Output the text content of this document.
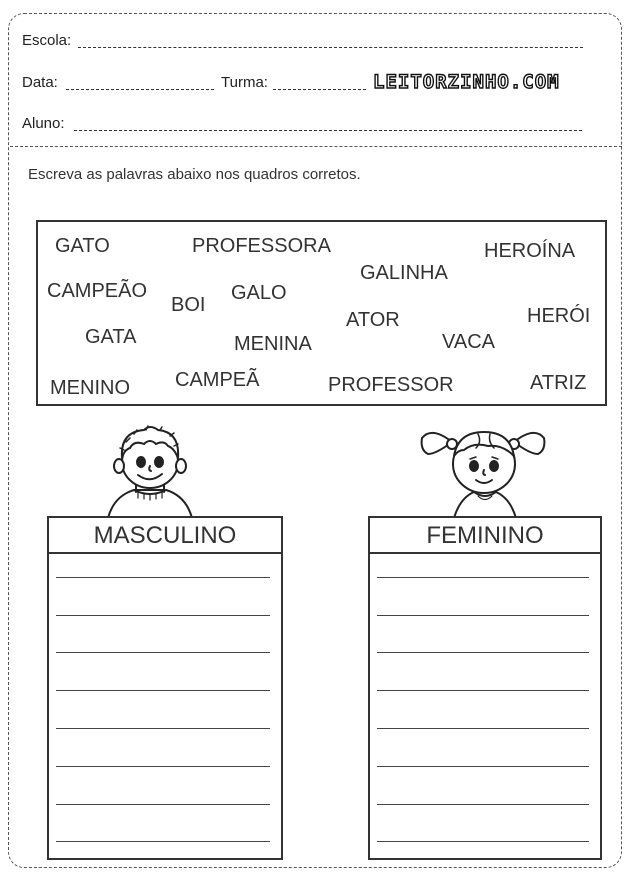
Escola:
Data:	Turma:	LEITORZINHO.COM
Aluno:
Escreva as palavras abaixo nos quadros corretos.
GATO	PROFESSORA	HEROÍNA
GALINHA
CAMPEÃO
BOI
GALO
HERÓI
ATOR
GATA	MENINA	VACA
MENINO CAMPEÃ	PROFESSOR	ATRIZ
MASCULINO	FEMININO
